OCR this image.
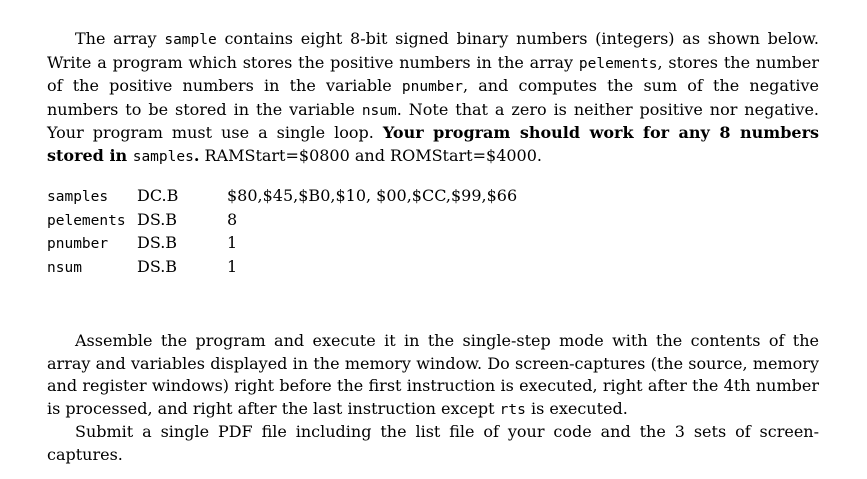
The array sample contains eight 8-bit signed binary numbers (integers) as shown below. Write a program which stores the positive numbers in the array pelements, stores the number of the positive numbers in the variable pnumber, and computes the sum of the negative numbers to be stored in the variable nsum. Note that a zero is neither positive nor negative. Your program must use a single loop. Your program should work for any 8 numbers stored in samples. RAMStart=$0800 and ROMStart=$4000.

samples	DC.B	$80,$45,$B0,$10, $00,$CC,$99,$66
pelements	DS.B	8
pnumber	DS.B	1
nsum	DS.B	1

Assemble the program and execute it in the single-step mode with the contents of the array and variables displayed in the memory window. Do screen-captures (the source, memory and register windows) right before the first instruction is executed, right after the 4th number is processed, and right after the last instruction except rts is executed.

Submit a single PDF file including the list file of your code and the 3 sets of screen-captures.
